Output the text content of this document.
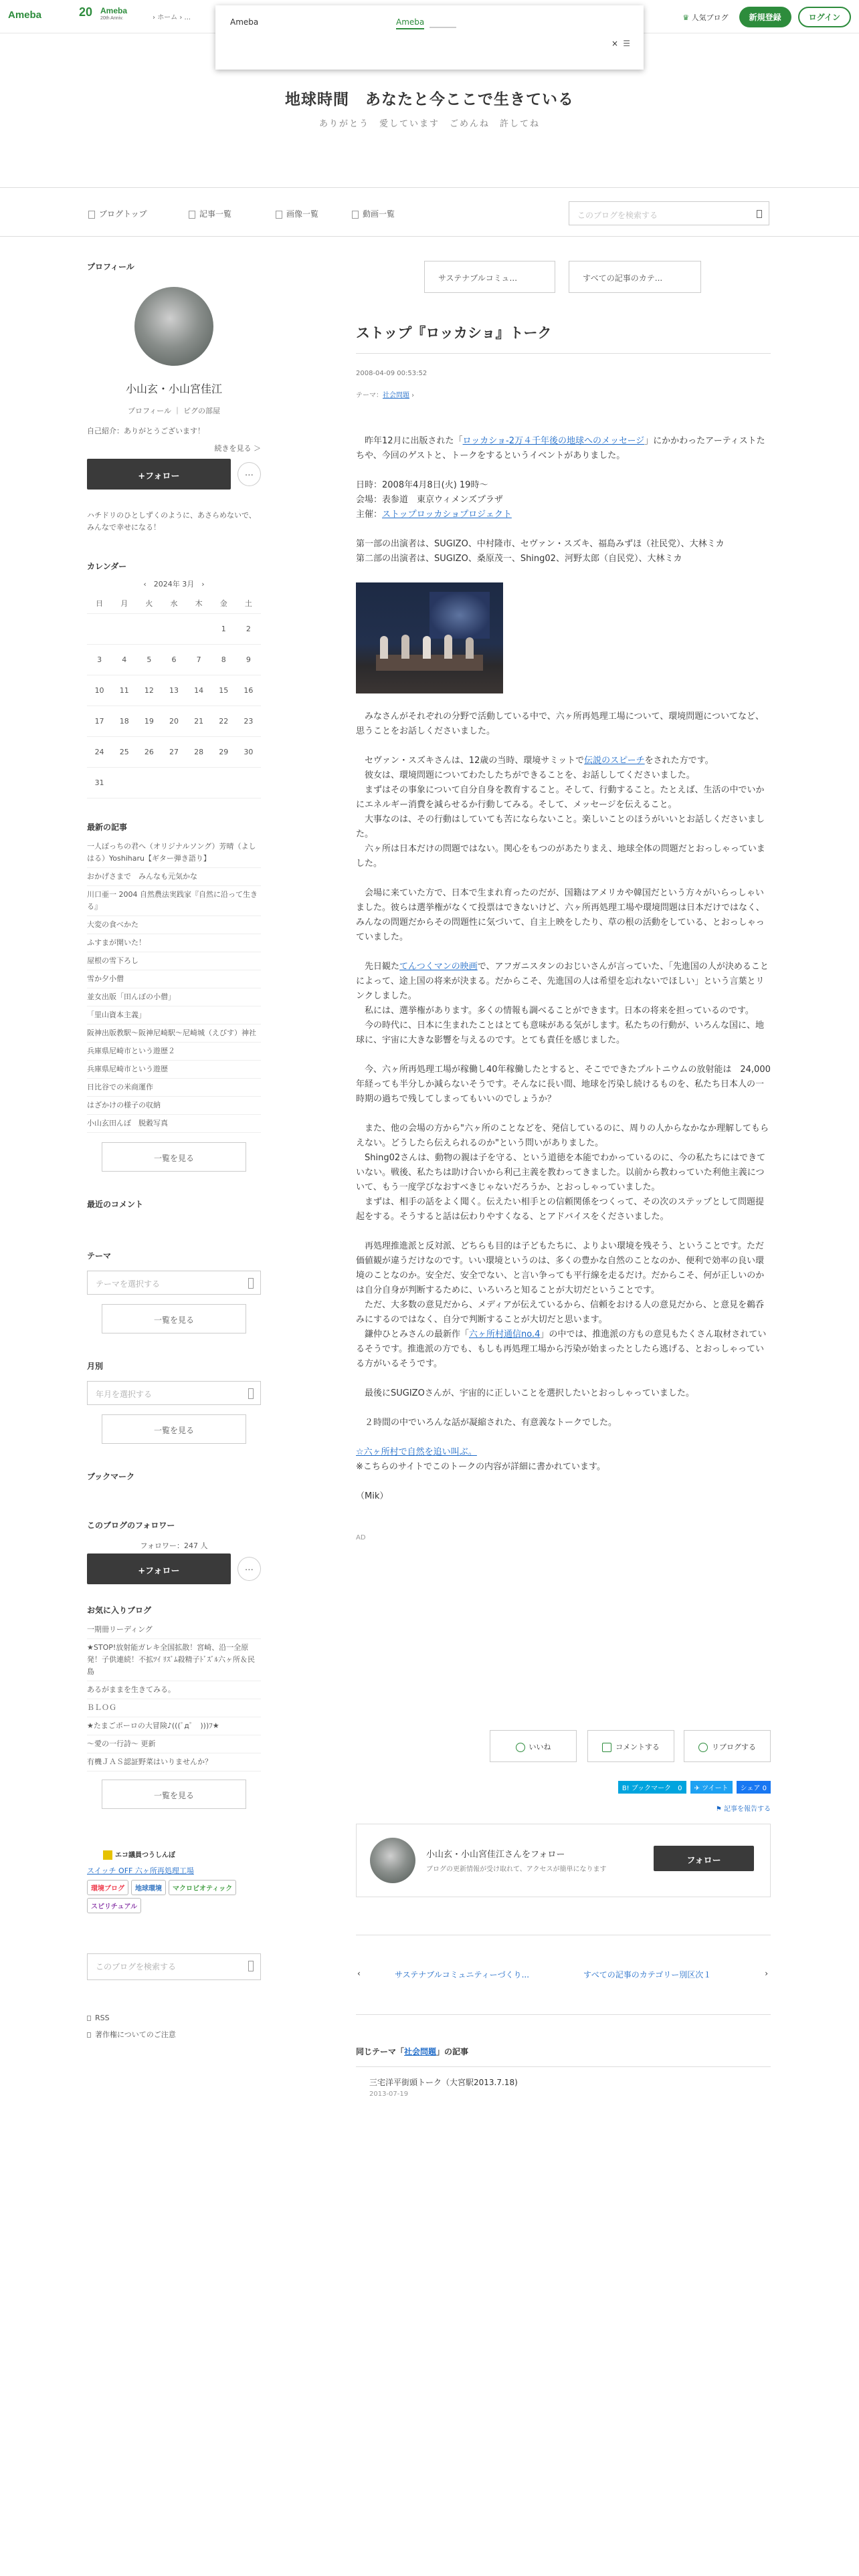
Ameba	20 Ameba
20th Anniv.	› ホーム › ...	♛ 人気ブログ	新規登録	ログイン
Ameba	Ameba
× ☰
地球時間　あなたと今ここで生きている
ありがとう　愛しています　ごめんね　許してね
ブログトップ	記事一覧	画像一覧	動画一覧	このブログを検索する
プロフィール
小山玄・小山宮佳江
プロフィール ｜ ピグの部屋
自己紹介：ありがとうございます！
続きを見る ＞
+フォロー	…
ハチドリのひとしずくのように、あさらめないで、みんなで幸せになる！
カレンダー
‹　 2024年 3月　 ›
日	月	火	水	木	金	土
					1	2
3	4	5	6	7	8	9
10	11	12	13	14	15	16
17	18	19	20	21	22	23
24	25	26	27	28	29	30
31						
最新の記事
一人ぽっちの君へ（オリジナルソング）芳晴（よしはる）Yoshiharu【ギター弾き語り】
おかげさまで　みんなも元気かな
川口亜一 2004 自然農法実践家『自然に沿って生きる』
大変の食べかた
ふすまが開いた！
屋根の雪下ろし
雪か夕小僧
並女出版「田んぼの小僧」
「里山資本主義」
阪神出版教駅〜阪神尼崎駅〜尼崎城（えびす）神社
兵庫県尼崎市という遊歴２
兵庫県尼崎市という遊歴
日比谷での米商運作
はざかけの様子の収納
小山玄田んぼ　脱穀写真
一覧を見る
最近のコメント
テーマ
テーマを選択する
一覧を見る
月別
年月を選択する
一覧を見る
ブックマーク
このブログのフォロワー
フォロワー：247 人
+フォロー	…
お気に入りブログ
一期冊リーディング
★STOP!放射能ガレキ全国拡散！宮崎、沿一全原発！子供連続！不拡ﾂｲ ﾘｽﾞﾑ殺精子ﾄﾞｽﾞﾙ六ヶ所＆民島
あるがままを生きてみる。
ＢＬＯＧ
★たまごポーロの大冒険♪(((ﾟдﾟ　)))ﾌ★
〜愛の一行詩〜 更新
有機ＪＡＳ認証野菜はいりませんか？
一覧を見る
エコ議員つうしんぼ
スイッチ OFF 六ヶ所再処理工場
環境ブログ	地球環境	マクロビオティック
スピリチュアル
このブログを検索する
RSS
著作権についてのご注意
サステナブルコミュ...	すべての記事のカテ...
ストップ『ロッカショ』トーク
2008-04-09 00:53:52
テーマ：社会問題 ›

　昨年12月に出版された「ロッカショ-2万４千年後の地球へのメッセージ」にかかわったアーティストたちや、今回のゲストと、トークをするというイベントがありました。

日時：2008年4月8日(火) 19時〜

会場：表参道　東京ウィメンズプラザ

主催：ストップロッカショプロジェクト

第一部の出演者は、SUGIZO、中村隆市、セヴァン・スズキ、福島みずほ（社民党）、大林ミカ

第二部の出演者は、SUGIZO、桑原茂一、Shing02、河野太郎（自民党）、大林ミカ

　みなさんがそれぞれの分野で活動している中で、六ヶ所再処理工場について、環境問題についてなど、思うことをお話しくださいました。

　セヴァン・スズキさんは、12歳の当時、環境サミットで伝説のスピーチをされた方です。

　彼女は、環境問題についてわたしたちができることを、お話ししてくださいました。

　まずはその事象について自分自身を教育すること。そして、行動すること。たとえば、生活の中でいかにエネルギー消費を減らせるか行動してみる。そして、メッセージを伝えること。

　大事なのは、その行動はしていても苦にならないこと。楽しいことのほうがいいとお話しくださいました。

　六ヶ所は日本だけの問題ではない。関心をもつのがあたりまえ、地球全体の問題だとおっしゃっていました。

　会場に来ていた方で、日本で生まれ育ったのだが、国籍はアメリカや韓国だという方々がいらっしゃいました。彼らは選挙権がなくて投票はできないけど、六ヶ所再処理工場や環境問題は日本だけではなく、みんなの問題だからその問題性に気づいて、自主上映をしたり、草の根の活動をしている、とおっしゃっていました。

　先日観たてんつくマンの映画で、アフガニスタンのおじいさんが言っていた、「先進国の人が決めることによって、途上国の将来が決まる。だからこそ、先進国の人は希望を忘れないでほしい」という言葉とリンクしました。

　私には、選挙権があります。多くの情報も調べることができます。日本の将来を担っているのです。

　今の時代に、日本に生まれたことはとても意味がある気がします。私たちの行動が、いろんな国に、地球に、宇宙に大きな影響を与えるのです。とても責任を感じました。

　今、六ヶ所再処理工場が稼働し40年稼働したとすると、そこでできたプルトニウムの放射能は　24,000年経っても半分しか減らないそうです。そんなに長い間、地球を汚染し続けるものを、私たち日本人の一時期の過ちで残してしまってもいいのでしょうか？

　また、他の会場の方から"六ヶ所のことなどを、発信しているのに、周りの人からなかなか理解してもらえない。どうしたら伝えられるのか"という問いがありました。

　Shing02さんは、動物の親は子を守る、という道徳を本能でわかっているのに、今の私たちにはできていない。戦後、私たちは助け合いから利己主義を教わってきました。以前から教わっていた利他主義について、もう一度学びなおすべきじゃないだろうか、とおっしゃっていました。

　まずは、相手の話をよく聞く。伝えたい相手との信頼関係をつくって、その次のステップとして問題提起をする。そうすると話は伝わりやすくなる、とアドバイスをくださいました。

　再処理推進派と反対派、どちらも目的は子どもたちに、よりよい環境を残そう、ということです。ただ価値観が違うだけなのです。いい環境というのは、多くの豊かな自然のことなのか、便利で効率の良い環境のことなのか。安全だ、安全でない、と言い争っても平行線を走るだけ。だからこそ、何が正しいのかは自分自身が判断するために、いろいろと知ることが大切だということです。

　ただ、大多数の意見だから、メディアが伝えているから、信頼をおける人の意見だから、と意見を鵜呑みにするのではなく、自分で判断することが大切だと思います。

　鎌仲ひとみさんの最新作「六ヶ所村通信no.4」の中では、推進派の方もの意見もたくさん取材されているそうです。推進派の方でも、もしも再処理工場から汚染が始まったとしたら逃げる、とおっしゃっている方がいるそうです。

　最後にSUGIZOさんが、宇宙的に正しいことを選択したいとおっしゃっていました。

　２時間の中でいろんな話が凝縮された、有意義なトークでした。

☆六ヶ所村で自然を追い叫ぶ。

※こちらのサイトでこのトークの内容が詳細に書かれています。

（Mik）

AD

いいね	コメントする	リブログする
B! ブックマーク　 0	✈ ツイート	シェア 0
⚑ 記事を報告する
小山玄・小山宮佳江さんをフォロー
ブログの更新情報が受け取れて、アクセスが簡単になります
フォロー
‹	サステナブルコミュニティーづくり...	すべての記事のカテゴリー別区次１	›
同じテーマ「社会問題」の記事
三宅洋平街頭トーク（大宮駅2013.7.18)
2013-07-19
